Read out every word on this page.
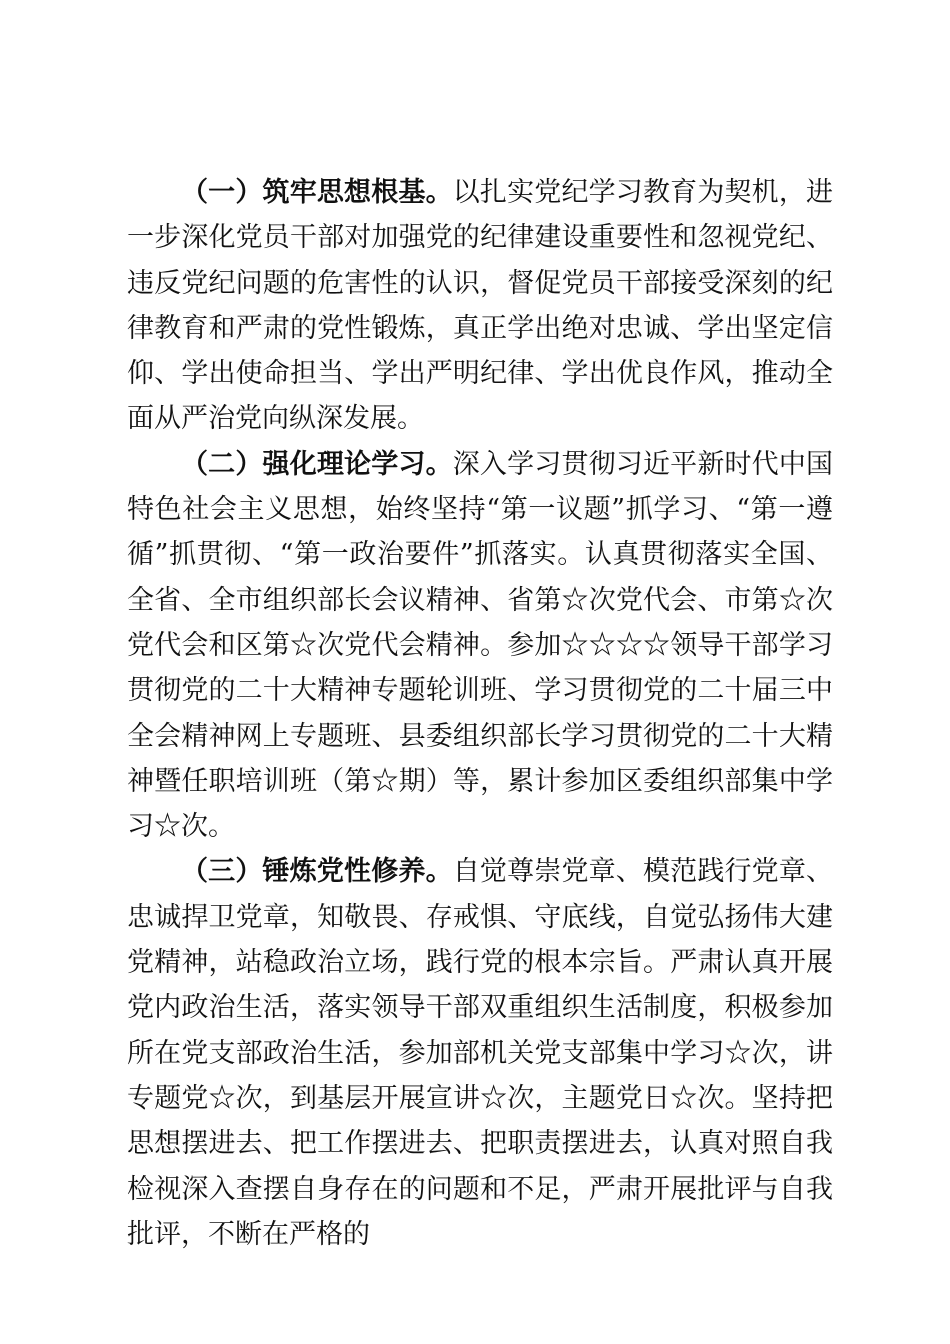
（一）筑牢思想根基。以扎实党纪学习教育为契机，进一步深化党员干部对加强党的纪律建设重要性和忽视党纪、违反党纪问题的危害性的认识，督促党员干部接受深刻的纪律教育和严肃的党性锻炼，真正学出绝对忠诚、学出坚定信仰、学出使命担当、学出严明纪律、学出优良作风，推动全面从严治党向纵深发展。

（二）强化理论学习。深入学习贯彻习近平新时代中国特色社会主义思想，始终坚持“第一议题”抓学习、“第一遵循”抓贯彻、“第一政治要件”抓落实。认真贯彻落实全国、全省、全市组织部长会议精神、省第☆次党代会、市第☆次党代会和区第☆次党代会精神。参加☆☆☆☆领导干部学习贯彻党的二十大精神专题轮训班、学习贯彻党的二十届三中全会精神网上专题班、县委组织部长学习贯彻党的二十大精神暨任职培训班（第☆期）等，累计参加区委组织部集中学习☆次。

（三）锤炼党性修养。自觉尊崇党章、模范践行党章、忠诚捍卫党章，知敬畏、存戒惧、守底线，自觉弘扬伟大建党精神，站稳政治立场，践行党的根本宗旨。严肃认真开展党内政治生活，落实领导干部双重组织生活制度，积极参加所在党支部政治生活，参加部机关党支部集中学习☆次，讲专题党☆次，到基层开展宣讲☆次，主题党日☆次。坚持把思想摆进去、把工作摆进去、把职责摆进去，认真对照自我检视深入查摆自身存在的问题和不足，严肃开展批评与自我批评，不断在严格的
